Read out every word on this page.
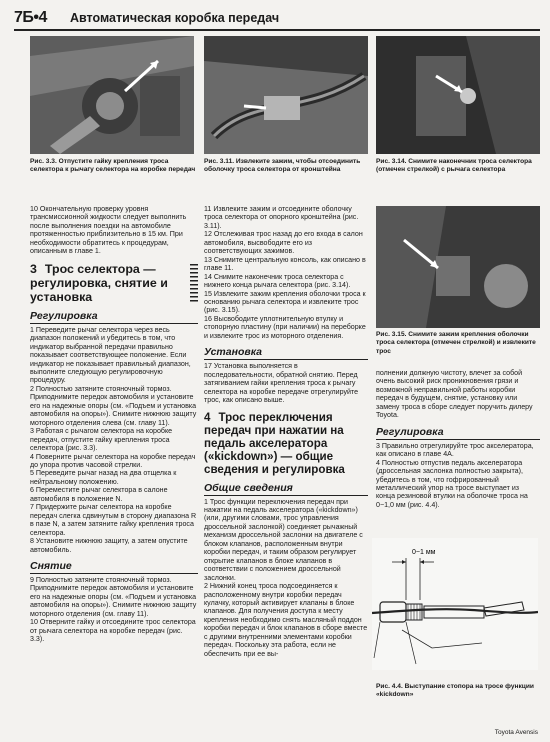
7Б•4 Автоматическая коробка передач
Рис. 3.3. Отпустите гайку крепления троса селектора к рычагу селектора на коробке передач
Рис. 3.11. Извлеките зажим, чтобы отсоединить оболочку троса селектора от кронштейна
Рис. 3.14. Снимите наконечник троса селектора (отмечен стрелкой) с рычага селектора
Рис. 3.15. Снимите зажим крепления оболочки троса селектора (отмечен стрелкой) и извлеките трос

10 Окончательную проверку уровня трансмиссионной жидкости следует выполнить после выполнения поездки на автомобиле протяженностью приблизительно в 15 км. При необходимости обратитесь к процедурам, описанным в главе 1.

3 Трос селектора — регулировка, снятие и установка
Регулировка

1 Переведите рычаг селектора через весь диапазон положений и убедитесь в том, что индикатор выбранной передачи правильно показывает соответствующее положение. Если индикатор не показывает правильный диапазон, выполните следующую регулировочную процедуру.

2 Полностью затяните стояночный тормоз. Приподнимите передок автомобиля и установите его на надежные опоры (см. «Подъем и установка автомобиля на опоры»). Снимите нижнюю защиту моторного отделения слева (см. главу 11).

3 Работая с рычагом селектора на коробке передач, отпустите гайку крепления троса селектора (рис. 3.3).

4 Поверните рычаг селектора на коробке передач до упора против часовой стрелки.

5 Переведите рычаг назад на два отщелка к нейтральному положению.

6 Переместите рычаг селектора в салоне автомобиля в положение N.

7 Придержите рычаг селектора на коробке передач слегка сдвинутым в сторону диапазона R в пазе N, а затем затяните гайку крепления троса селектора.

8 Установите нижнюю защиту, а затем опустите автомобиль.

Снятие

9 Полностью затяните стояночный тормоз. Приподнимите передок автомобиля и установите его на надежные опоры (см. «Подъем и установка автомобиля на опоры»). Снимите нижнюю защиту моторного отделения (см. главу 11).

10 Отверните гайку и отсоедините трос селектора от рычага селектора на коробке передач (рис. 3.3).

11 Извлеките зажим и отсоедините оболочку троса селектора от опорного кронштейна (рис. 3.11).

12 Отслеживая трос назад до его входа в салон автомобиля, высвободите его из соответствующих зажимов.

13 Снимите центральную консоль, как описано в главе 11.

14 Снимите наконечник троса селектора с нижнего конца рычага селектора (рис. 3.14).

15 Извлеките зажим крепления оболочки троса к основанию рычага селектора и извлеките трос (рис. 3.15).

16 Высвободите уплотнительную втулку и стопорную пластину (при наличии) на переборке и извлеките трос из моторного отделения.

Установка

17 Установка выполняется в последовательности, обратной снятию. Перед затягиванием гайки крепления троса к рычагу селектора на коробке передаче отрегулируйте трос, как описано выше.

4 Трос переключения передач при нажатии на педаль акселератора («kickdown») — общие сведения и регулировка
Общие сведения

1 Трос функции переключения передач при нажатии на педаль акселератора («kickdown») (или, другими словами, трос управления дроссельной заслонкой) соединяет рычажный механизм дроссельной заслонки на двигателе с блоком клапанов, расположенным внутри коробки передач, и таким образом регулирует открытие клапанов в блоке клапанов в соответствии с положением дроссельной заслонки.

2 Нижний конец троса подсоединяется к расположенному внутри коробки передач кулачку, который активирует клапаны в блоке клапанов. Для получения доступа к месту крепления необходимо снять масляный поддон коробки передач и блок клапанов в сборе вместе с другими внутренними элементами коробки передач. Поскольку эта работа, если не обеспечить при ее вы-

полнении должную чистоту, влечет за собой очень высокий риск проникновения грязи и возможной неправильной работы коробки передач в будущем, снятие, установку или замену троса в сборе следует поручить дилеру Toyota.

Регулировка

3 Правильно отрегулируйте трос акселератора, как описано в главе 4А.

4 Полностью отпустив педаль акселератора (дроссельная заслонка полностью закрыта), убедитесь в том, что гофрированный металлический упор на тросе выступает из конца резиновой втулки на оболочке троса на 0−1,0 мм (рис. 4.4).

0−1 мм
Рис. 4.4. Выступание стопора на тросе функции «kickdown»
Toyota Avensis
